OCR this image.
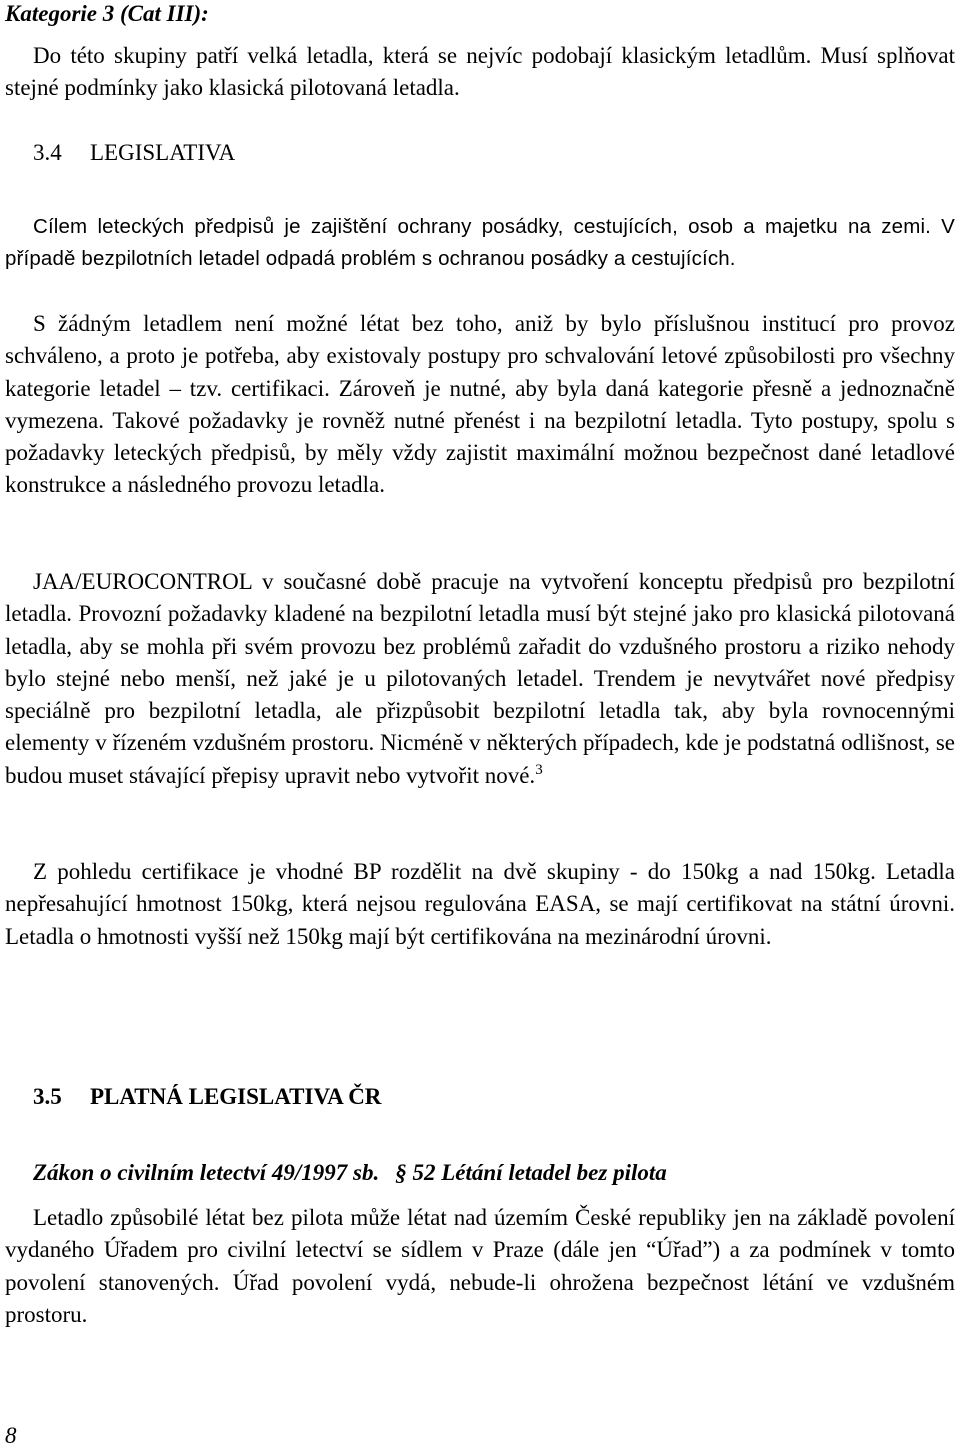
Kategorie 3 (Cat III):

Do této skupiny patří velká letadla, která se nejvíc podobají klasickým letadlům. Musí splňovat stejné podmínky jako klasická pilotovaná letadla.

3.4 LEGISLATIVA

Cílem leteckých předpisů je zajištění ochrany posádky, cestujících, osob a majetku na zemi. V případě bezpilotních letadel odpadá problém s ochranou posádky a cestujících.

S žádným letadlem není možné létat bez toho, aniž by bylo příslušnou institucí pro provoz schváleno, a proto je potřeba, aby existovaly postupy pro schvalování letové způsobilosti pro všechny kategorie letadel – tzv. certifikaci. Zároveň je nutné, aby byla daná kategorie přesně a jednoznačně vymezena. Takové požadavky je rovněž nutné přenést i na bezpilotní letadla. Tyto postupy, spolu s požadavky leteckých předpisů, by měly vždy zajistit maximální možnou bezpečnost dané letadlové konstrukce a následného provozu letadla.

JAA/EUROCONTROL v současné době pracuje na vytvoření konceptu předpisů pro bezpilotní letadla. Provozní požadavky kladené na bezpilotní letadla musí být stejné jako pro klasická pilotovaná letadla, aby se mohla při svém provozu bez problémů zařadit do vzdušného prostoru a riziko nehody bylo stejné nebo menší, než jaké je u pilotovaných letadel. Trendem je nevytvářet nové předpisy speciálně pro bezpilotní letadla, ale přizpůsobit bezpilotní letadla tak, aby byla rovnocennými elementy v řízeném vzdušném prostoru. Nicméně v některých případech, kde je podstatná odlišnost, se budou muset stávající přepisy upravit nebo vytvořit nové.$^3$

Z pohledu certifikace je vhodné BP rozdělit na dvě skupiny - do 150kg a nad 150kg. Letadla nepřesahující hmotnost 150kg, která nejsou regulována EASA, se mají certifikovat na státní úrovni. Letadla o hmotnosti vyšší než 150kg mají být certifikována na mezinárodní úrovni.

3.5 PLATNÁ LEGISLATIVA ČR

Zákon o civilním letectví 49/1997 sb. § 52 Létání letadel bez pilota

Letadlo způsobilé létat bez pilota může létat nad územím České republiky jen na základě povolení vydaného Úřadem pro civilní letectví se sídlem v Praze (dále jen “Úřad”) a za podmínek v tomto povolení stanovených. Úřad povolení vydá, nebude-li ohrožena bezpečnost létání ve vzdušném prostoru.

8
